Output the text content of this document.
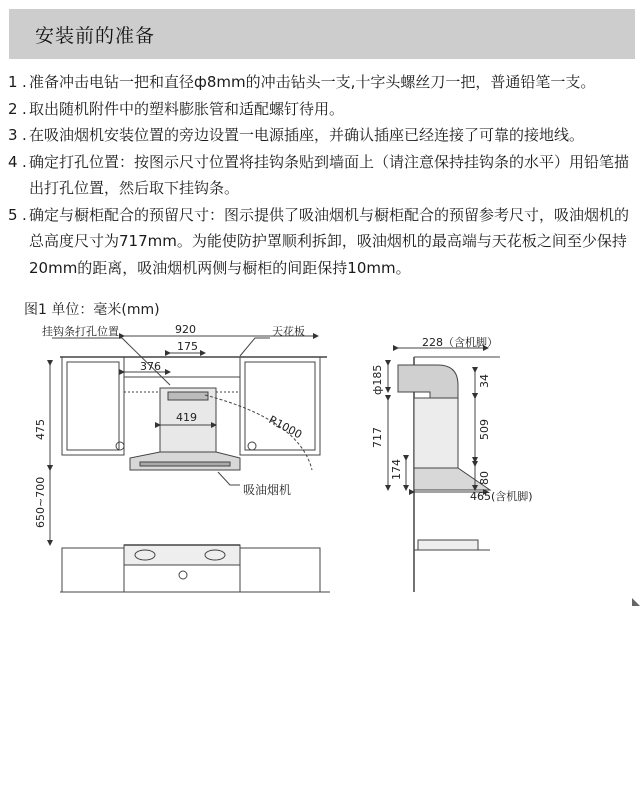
安装前的准备
1 . 准备冲击电钻一把和直径ф8mm的冲击钻头一支,十字头螺丝刀一把，普通铅笔一支。
2 . 取出随机附件中的塑料膨胀管和适配螺钉待用。
3 . 在吸油烟机安装位置的旁边设置一电源插座，并确认插座已经连接了可靠的接地线。
4 . 确定打孔位置：按图示尺寸位置将挂钩条贴到墙面上（请注意保持挂钩条的水平）用铅笔描出打孔位置，然后取下挂钩条。
5 . 确定与橱柜配合的预留尺寸：图示提供了吸油烟机与橱柜配合的预留参考尺寸，吸油烟机的总高度尺寸为717mm。为能使防护罩顺利拆卸，吸油烟机的最高端与天花板之间至少保持20mm的距离，吸油烟机两侧与橱柜的间距保持10mm。
图1 单位：毫米(mm)
挂钩条打孔位置	天花板
吸油烟机
920
175
376
419	R1000
475
650~700
228（含机脚）
ф185	34
717	509
174	80
465(含机脚)
